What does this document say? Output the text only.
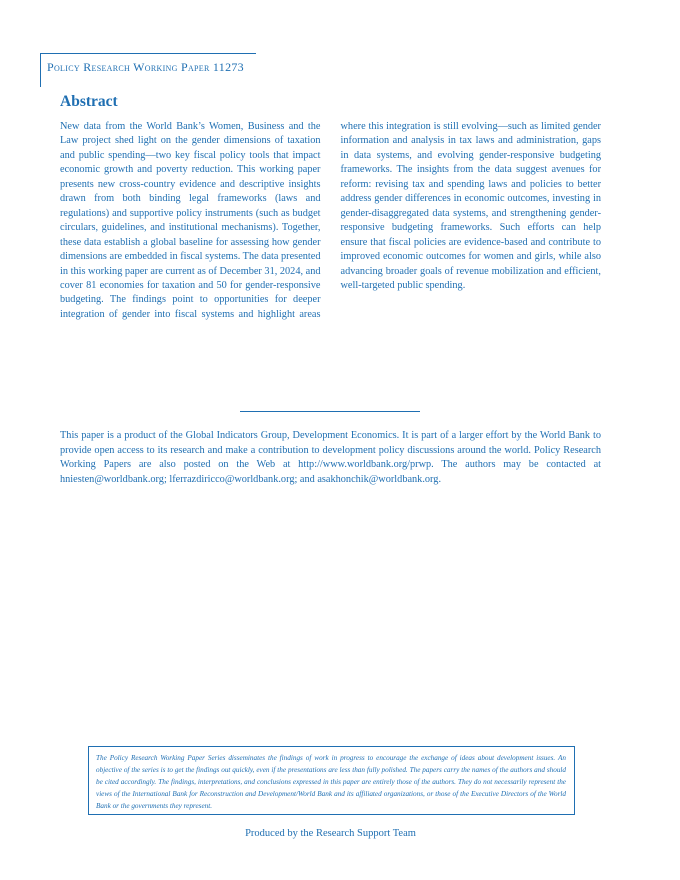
Policy Research Working Paper 11273
Abstract

New data from the World Bank’s Women, Business and the Law project shed light on the gender dimensions of taxation and public spending—two key fiscal policy tools that impact economic growth and poverty reduction. This working paper presents new cross-country evidence and descriptive insights drawn from both binding legal frameworks (laws and regulations) and supportive policy instruments (such as budget circulars, guidelines, and institutional mechanisms). Together, these data establish a global baseline for assessing how gender dimensions are embedded in fiscal systems. The data presented in this working paper are current as of December 31, 2024, and cover 81 economies for taxation and 50 for gender-responsive budgeting. The findings point to opportunities for deeper integration of gender into fiscal systems and highlight areas where this integration is still evolving—such as limited gender information and analysis in tax laws and administration, gaps in data systems, and evolving gender-responsive budgeting frameworks. The insights from the data suggest avenues for reform: revising tax and spending laws and policies to better address gender differences in economic outcomes, investing in gender-disaggregated data systems, and strengthening gender-responsive budgeting frameworks. Such efforts can help ensure that fiscal policies are evidence-based and contribute to improved economic outcomes for women and girls, while also advancing broader goals of revenue mobilization and efficient, well-targeted public spending.

This paper is a product of the Global Indicators Group, Development Economics. It is part of a larger effort by the World Bank to provide open access to its research and make a contribution to development policy discussions around the world. Policy Research Working Papers are also posted on the Web at http://www.worldbank.org/prwp. The authors may be contacted at hniesten@worldbank.org; lferrazdiricco@worldbank.org; and asakhonchik@worldbank.org.

The Policy Research Working Paper Series disseminates the findings of work in progress to encourage the exchange of ideas about development issues. An objective of the series is to get the findings out quickly, even if the presentations are less than fully polished. The papers carry the names of the authors and should be cited accordingly. The findings, interpretations, and conclusions expressed in this paper are entirely those of the authors. They do not necessarily represent the views of the International Bank for Reconstruction and Development/World Bank and its affiliated organizations, or those of the Executive Directors of the World Bank or the governments they represent.

Produced by the Research Support Team
